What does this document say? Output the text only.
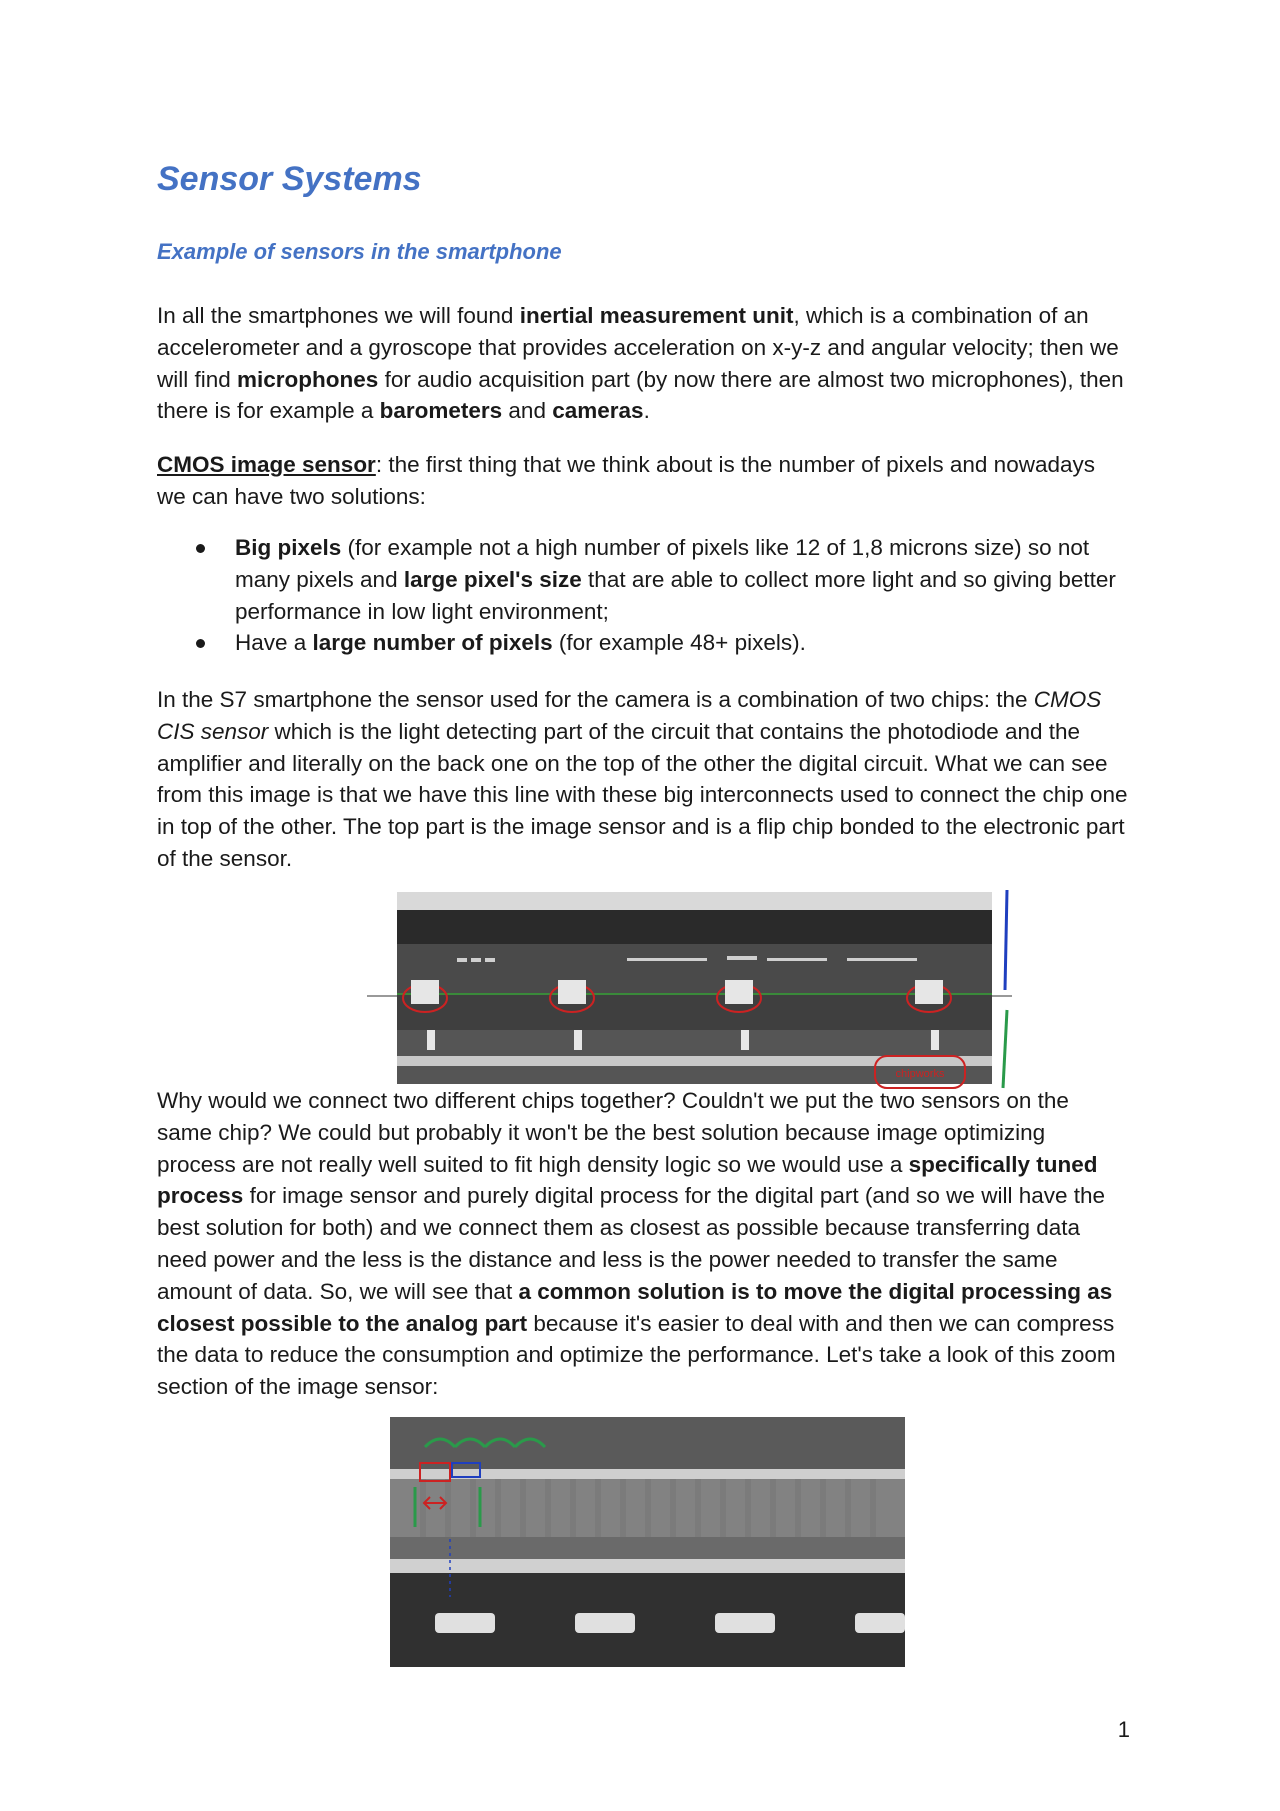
Sensor Systems
Example of sensors in the smartphone

In all the smartphones we will found inertial measurement unit, which is a combination of an accelerometer and a gyroscope that provides acceleration on x-y-z and angular velocity; then we will find microphones for audio acquisition part (by now there are almost two microphones), then there is for example a barometers and cameras.

CMOS image sensor: the first thing that we think about is the number of pixels and nowadays we can have two solutions:

Big pixels (for example not a high number of pixels like 12 of 1,8 microns size) so not many pixels and large pixel's size that are able to collect more light and so giving better performance in low light environment;
Have a large number of pixels (for example 48+ pixels).

In the S7 smartphone the sensor used for the camera is a combination of two chips: the CMOS CIS sensor which is the light detecting part of the circuit that contains the photodiode and the amplifier and literally on the back one on the top of the other the digital circuit. What we can see from this image is that we have this line with these big interconnects used to connect the chip one in top of the other. The top part is the image sensor and is a flip chip bonded to the electronic part of the sensor.

chipworks

Why would we connect two different chips together? Couldn't we put the two sensors on the same chip? We could but probably it won't be the best solution because image optimizing process are not really well suited to fit high density logic so we would use a specifically tuned process for image sensor and purely digital process for the digital part (and so we will have the best solution for both) and we connect them as closest as possible because transferring data need power and the less is the distance and less is the power needed to transfer the same amount of data. So, we will see that a common solution is to move the digital processing as closest possible to the analog part because it's easier to deal with and then we can compress the data to reduce the consumption and optimize the performance. Let's take a look of this zoom section of the image sensor:

1
